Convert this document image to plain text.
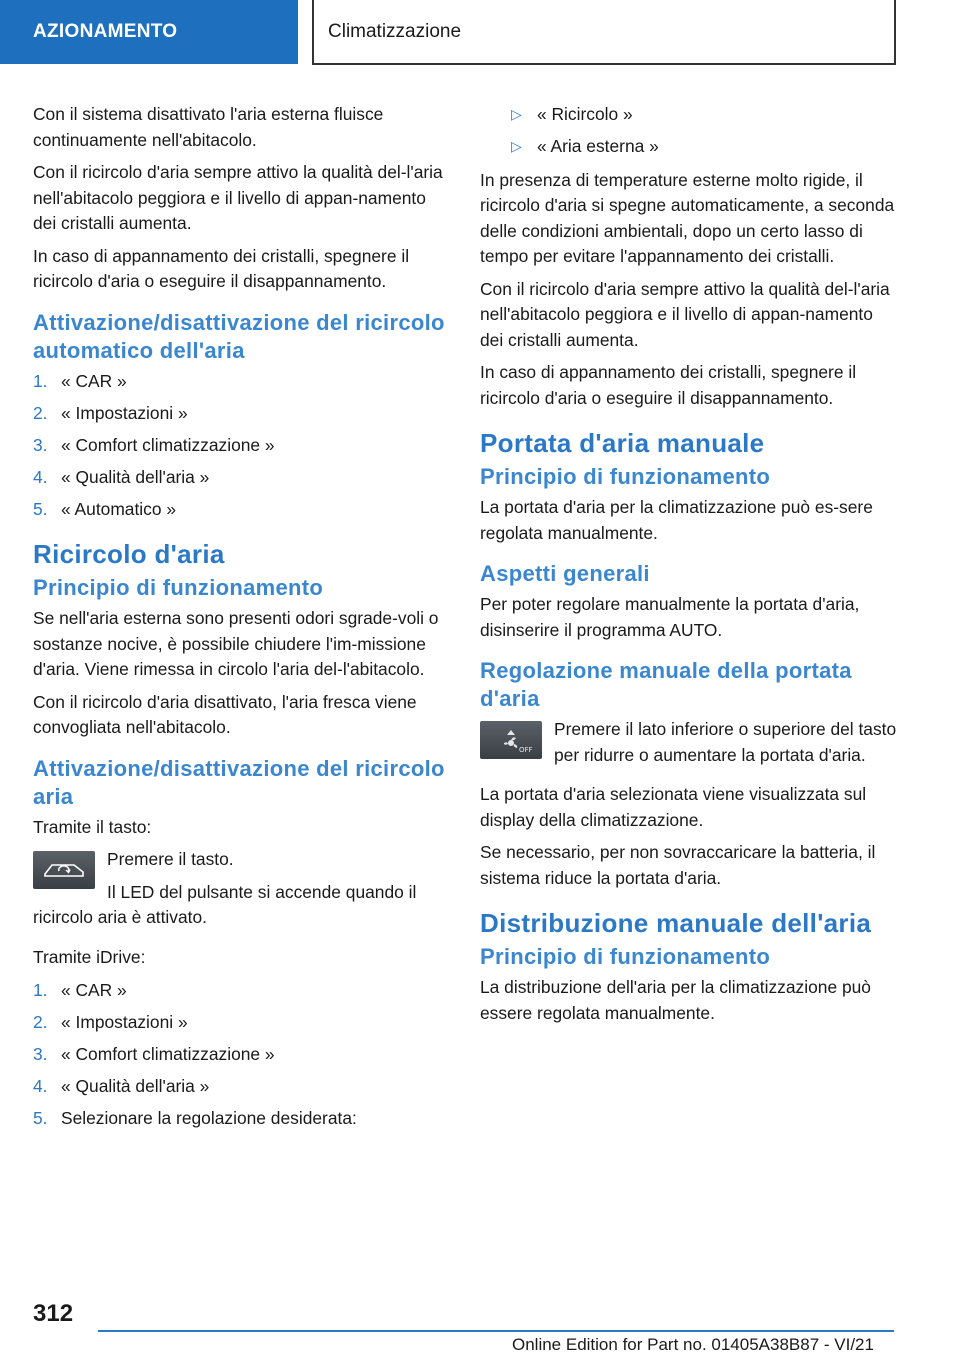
AZIONAMENTO	Climatizzazione

Con il sistema disattivato l'aria esterna fluisce continuamente nell'abitacolo.

Con il ricircolo d'aria sempre attivo la qualità del-l'aria nell'abitacolo peggiora e il livello di appan-namento dei cristalli aumenta.

In caso di appannamento dei cristalli, spegnere il ricircolo d'aria o eseguire il disappannamento.

Attivazione/disattivazione del ricircolo automatico dell'aria
1. « CAR »
2. « Impostazioni »
3. « Comfort climatizzazione »
4. « Qualità dell'aria »
5. « Automatico »
Ricircolo d'aria
Principio di funzionamento

Se nell'aria esterna sono presenti odori sgrade-voli o sostanze nocive, è possibile chiudere l'im-missione d'aria. Viene rimessa in circolo l'aria del-l'abitacolo.

Con il ricircolo d'aria disattivato, l'aria fresca viene convogliata nell'abitacolo.

Attivazione/disattivazione del ricircolo aria

Tramite il tasto:

Premere il tasto.

Il LED del pulsante si accende quando il ricircolo aria è attivato.

Tramite iDrive:

1. « CAR »
2. « Impostazioni »
3. « Comfort climatizzazione »
4. « Qualità dell'aria »
5. Selezionare la regolazione desiderata:
▷ « Ricircolo »
▷ « Aria esterna »

In presenza di temperature esterne molto rigide, il ricircolo d'aria si spegne automaticamente, a seconda delle condizioni ambientali, dopo un certo lasso di tempo per evitare l'appannamento dei cristalli.

Con il ricircolo d'aria sempre attivo la qualità del-l'aria nell'abitacolo peggiora e il livello di appan-namento dei cristalli aumenta.

In caso di appannamento dei cristalli, spegnere il ricircolo d'aria o eseguire il disappannamento.

Portata d'aria manuale
Principio di funzionamento

La portata d'aria per la climatizzazione può es-sere regolata manualmente.

Aspetti generali

Per poter regolare manualmente la portata d'aria, disinserire il programma AUTO.

Regolazione manuale della portata d'aria
OFF

Premere il lato inferiore o superiore del tasto per ridurre o aumentare la portata d'aria.

La portata d'aria selezionata viene visualizzata sul display della climatizzazione.

Se necessario, per non sovraccaricare la batteria, il sistema riduce la portata d'aria.

Distribuzione manuale dell'aria
Principio di funzionamento

La distribuzione dell'aria per la climatizzazione può essere regolata manualmente.

312
Online Edition for Part no. 01405A38B87 - VI/21
